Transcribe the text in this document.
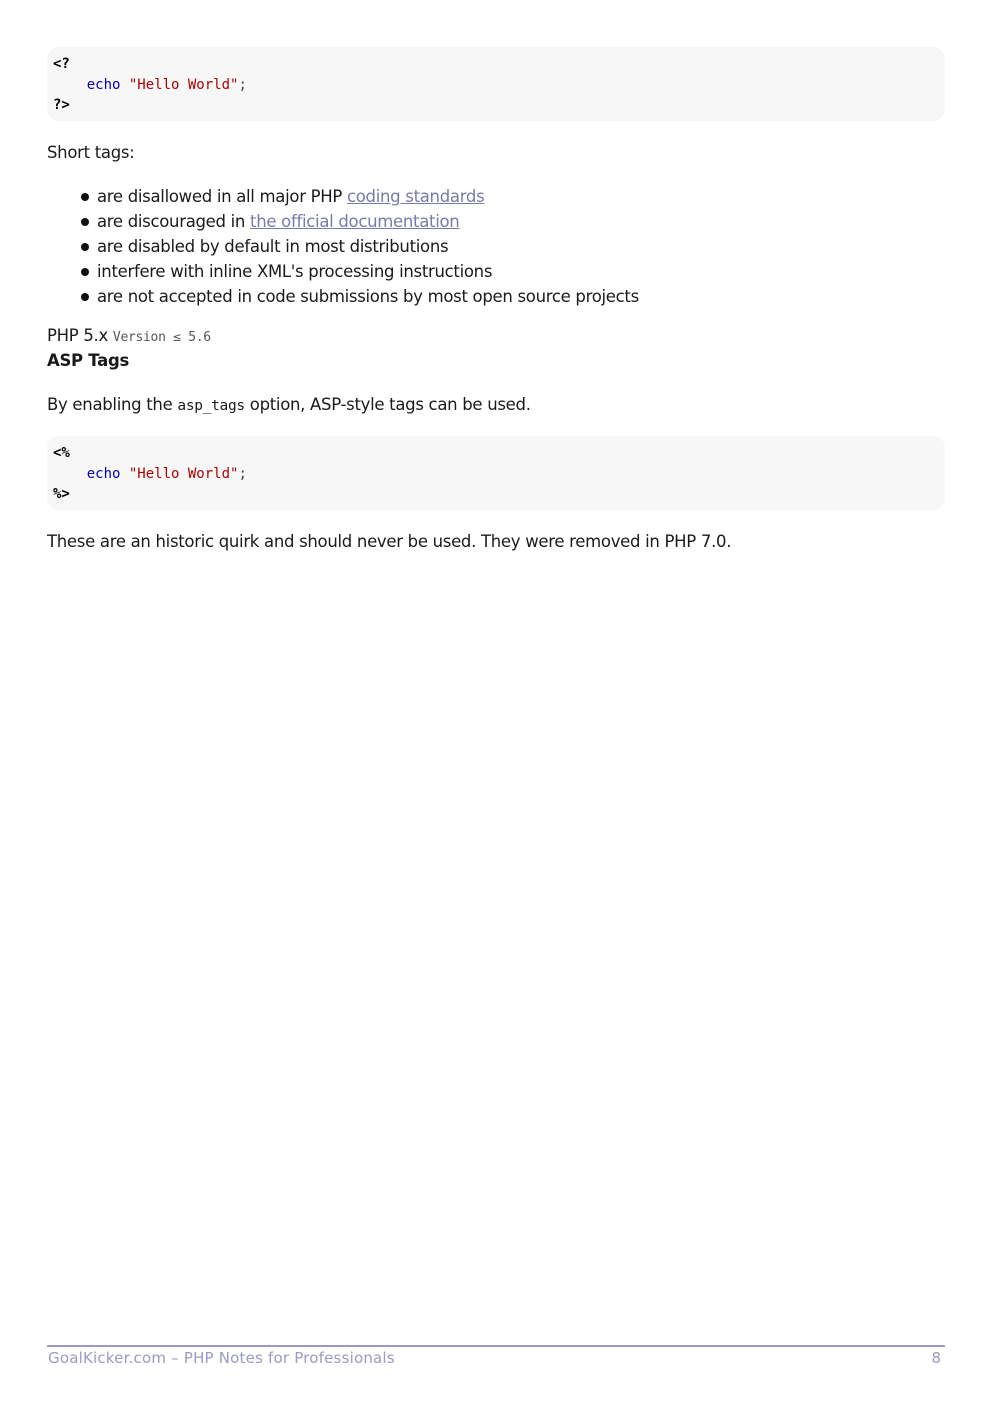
<?
echo "Hello World";
?>
Short tags:
are disallowed in all major PHP coding standards
are discouraged in the official documentation
are disabled by default in most distributions
interfere with inline XML's processing instructions
are not accepted in code submissions by most open source projects
PHP 5.x Version ≤ 5.6
ASP Tags
By enabling the asp_tags option, ASP-style tags can be used.
<%
echo "Hello World";
%>
These are an historic quirk and should never be used. They were removed in PHP 7.0.
GoalKicker.com – PHP Notes for Professionals	8
